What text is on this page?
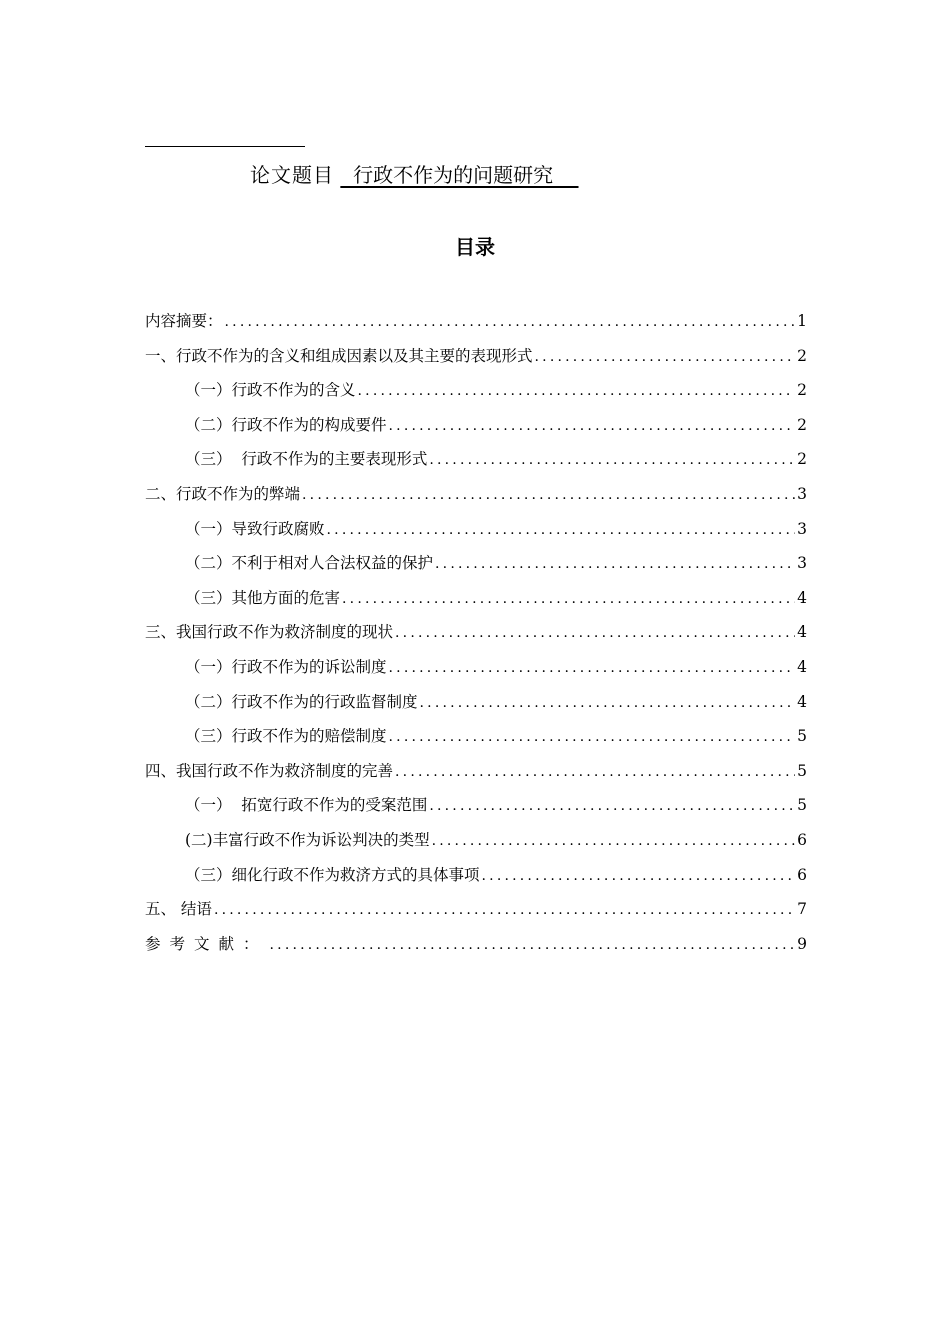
论文题目   行政不作为的问题研究
目录
内容摘要： .....	1
一、行政不作为的含义和组成因素以及其主要的表现形式 .....	2
（一）行政不作为的含义 .....	2
（二）行政不作为的构成要件 .....	2
（三）  行政不作为的主要表现形式 .....	2
二、行政不作为的弊端 .....	3
（一）导致行政腐败 .....	3
（二）不利于相对人合法权益的保护 .....	3
（三）其他方面的危害 .....	4
三、我国行政不作为救济制度的现状 .....	4
（一）行政不作为的诉讼制度 .....	4
（二）行政不作为的行政监督制度 .....	4
（三）行政不作为的赔偿制度 .....	5
四、我国行政不作为救济制度的完善 .....	5
（一）  拓宽行政不作为的受案范围 .....	5
(二)丰富行政不作为诉讼判决的类型 .....	6
（三）细化行政不作为救济方式的具体事项 .....	6
五、 结语 .....	7
参考文献： .....	9
